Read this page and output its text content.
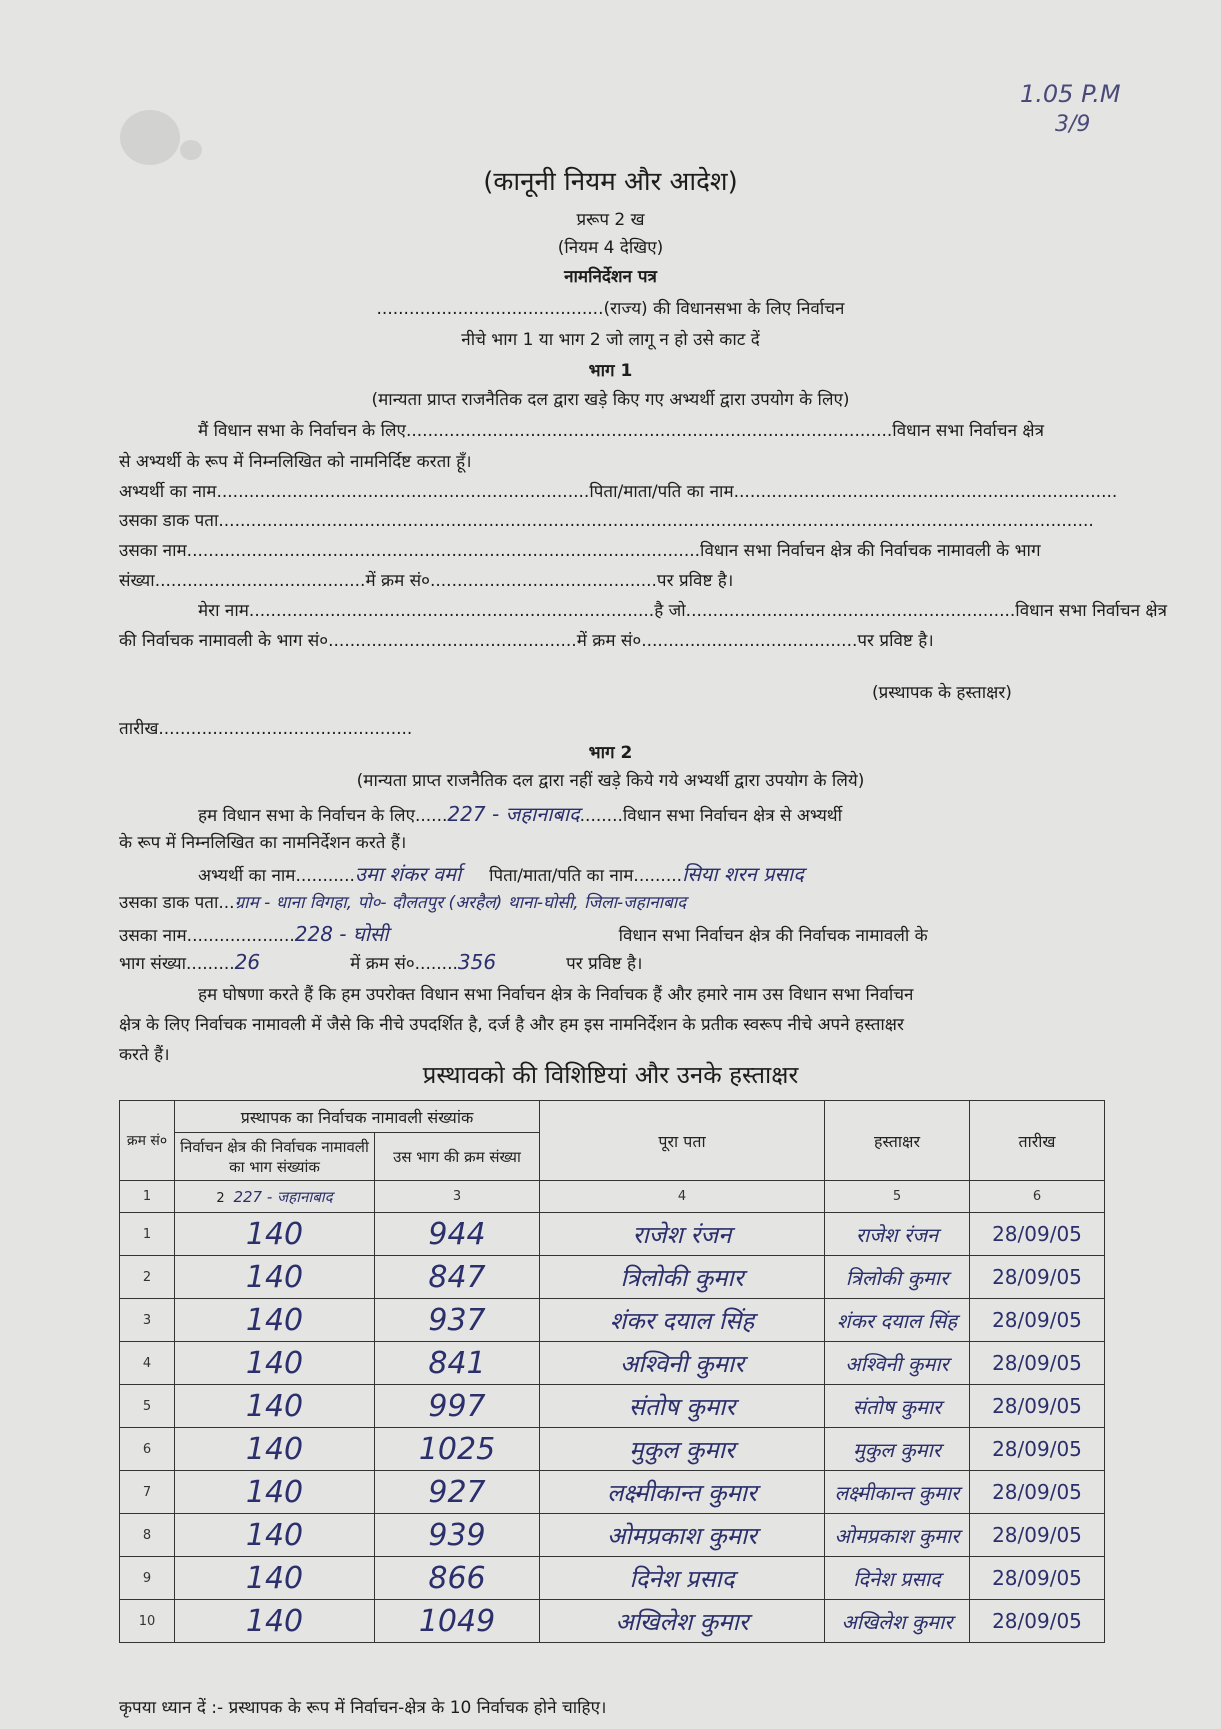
1.05 P.M
3/9
(कानूनी नियम और आदेश)
प्ररूप 2 ख
(नियम 4 देखिए)
नामनिर्देशन पत्र
..........................................(राज्य) की विधानसभा के लिए निर्वाचन
नीचे भाग 1 या भाग 2 जो लागू न हो उसे काट दें
भाग 1
(मान्यता प्राप्त राजनैतिक दल द्वारा खड़े किए गए अभ्यर्थी द्वारा उपयोग के लिए)
मैं विधान सभा के निर्वाचन के लिए..........................................................................................विधान सभा निर्वाचन क्षेत्र
से अभ्यर्थी के रूप में निम्नलिखित को नामनिर्दिष्ट करता हूँ।
अभ्यर्थी का नाम.....................................................................पिता/माता/पति का नाम.......................................................................
उसका डाक पता..................................................................................................................................................................
उसका नाम...............................................................................................विधान सभा निर्वाचन क्षेत्र की निर्वाचक नामावली के भाग
संख्या.......................................में क्रम सं०..........................................पर प्रविष्ट है।
मेरा नाम...........................................................................है जो.............................................................विधान सभा निर्वाचन क्षेत्र
की निर्वाचक नामावली के भाग सं०..............................................में क्रम सं०........................................पर प्रविष्ट है।
(प्रस्थापक के हस्ताक्षर)
तारीख...............................................
भाग 2
(मान्यता प्राप्त राजनैतिक दल द्वारा नहीं खड़े किये गये अभ्यर्थी द्वारा उपयोग के लिये)
हम विधान सभा के निर्वाचन के लिए......227 - जहानाबाद........विधान सभा निर्वाचन क्षेत्र से अभ्यर्थी
के रूप में निम्नलिखित का नामनिर्देशन करते हैं।
अभ्यर्थी का नाम...........उमा शंकर वर्मा पिता/माता/पति का नाम.........सिया शरन प्रसाद
उसका डाक पता...ग्राम - धाना विगहा, पो०- दौलतपुर (अरहैल) थाना-घोसी, जिला-जहानाबाद
उसका नाम....................228 - घोसी	विधान सभा निर्वाचन क्षेत्र की निर्वाचक नामावली के
भाग संख्या.........26	में क्रम सं०........356	पर प्रविष्ट है।
हम घोषणा करते हैं कि हम उपरोक्त विधान सभा निर्वाचन क्षेत्र के निर्वाचक हैं और हमारे नाम उस विधान सभा निर्वाचन
क्षेत्र के लिए निर्वाचक नामावली में जैसे कि नीचे उपदर्शित है, दर्ज है और हम इस नामनिर्देशन के प्रतीक स्वरूप नीचे अपने हस्ताक्षर
करते हैं।
प्रस्थावको की विशिष्टियां और उनके हस्ताक्षर
क्रम सं०	प्रस्थापक का निर्वाचक नामावली संख्यांक		पूरा पता	हस्ताक्षर	तारीख
	निर्वाचन क्षेत्र की निर्वाचक नामावली का भाग संख्यांक	उस भाग की क्रम संख्या			
1	2 227 - जहानाबाद	3	4	5	6
1	140	944	राजेश रंजन	राजेश रंजन	28/09/05
2	140	847	त्रिलोकी कुमार	त्रिलोकी कुमार	28/09/05
3	140	937	शंकर दयाल सिंह	शंकर दयाल सिंह	28/09/05
4	140	841	अश्विनी कुमार	अश्विनी कुमार	28/09/05
5	140	997	संतोष कुमार	संतोष कुमार	28/09/05
6	140	1025	मुकुल कुमार	मुकुल कुमार	28/09/05
7	140	927	लक्ष्मीकान्त कुमार	लक्ष्मीकान्त कुमार	28/09/05
8	140	939	ओमप्रकाश कुमार	ओमप्रकाश कुमार	28/09/05
9	140	866	दिनेश प्रसाद	दिनेश प्रसाद	28/09/05
10	140	1049	अखिलेश कुमार	अखिलेश कुमार	28/09/05
कृपया ध्यान दें :- प्रस्थापक के रूप में निर्वाचन-क्षेत्र के 10 निर्वाचक होने चाहिए।
